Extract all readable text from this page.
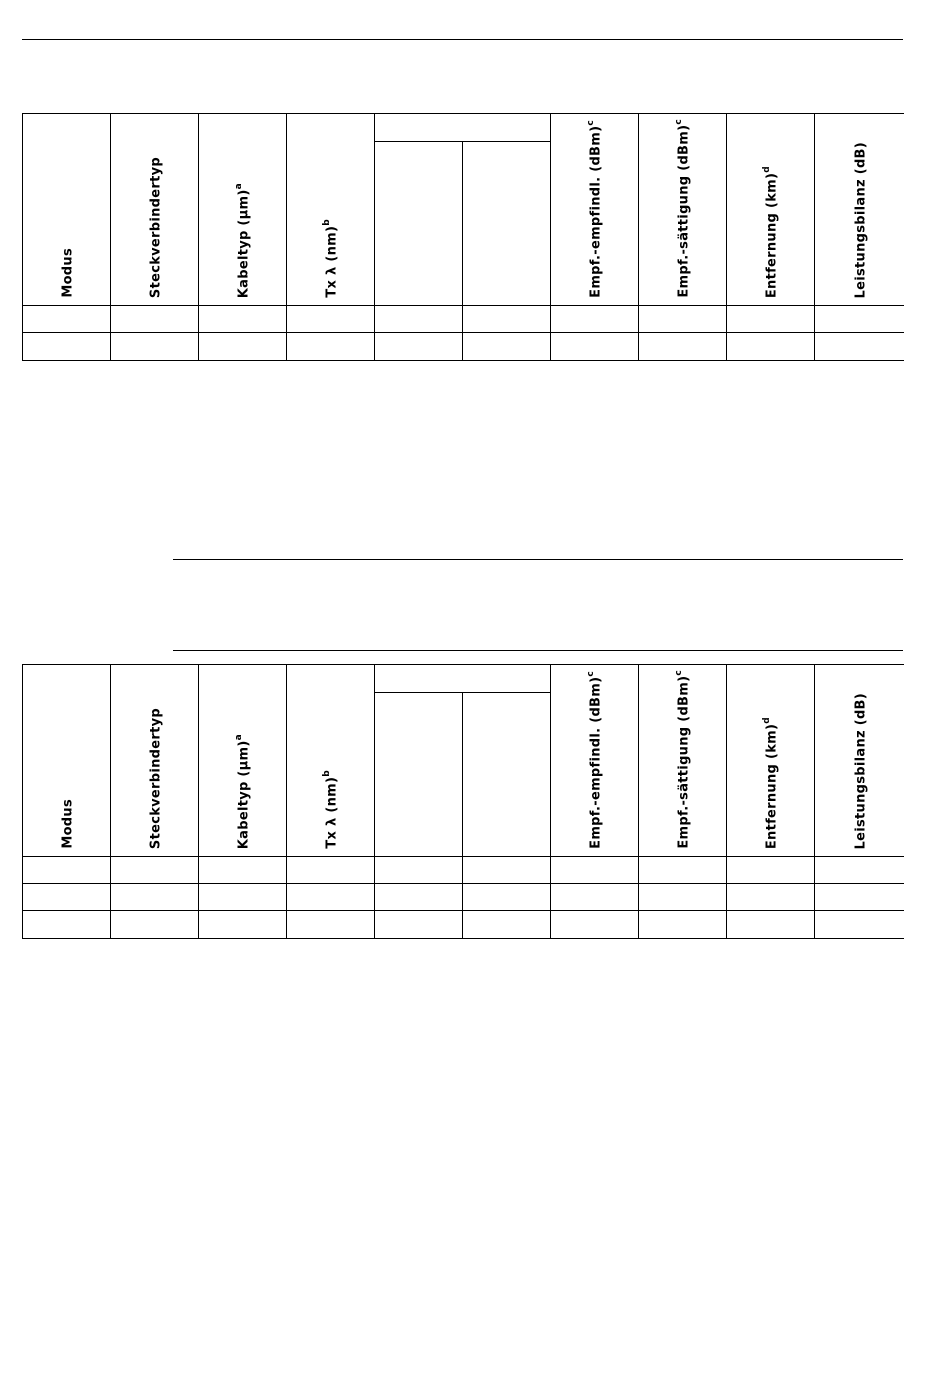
Modus	Steckverbindertyp	Kabeltyp $(\mu m)^a$	Tx λ (nm)$^b$			Empf.-empfindl. (dBm)$^c$	Empf.-sättigung (dBm)$^c$	Entfernung (km)$^d$	Leistungsbilanz (dB)

Modus	Steckverbindertyp	Kabeltyp $(\mu m)^a$	Tx λ (nm)$^b$			Empf.-empfindl. (dBm)$^c$	Empf.-sättigung (dBm)$^c$	Entfernung (km)$^d$	Leistungsbilanz (dB)
